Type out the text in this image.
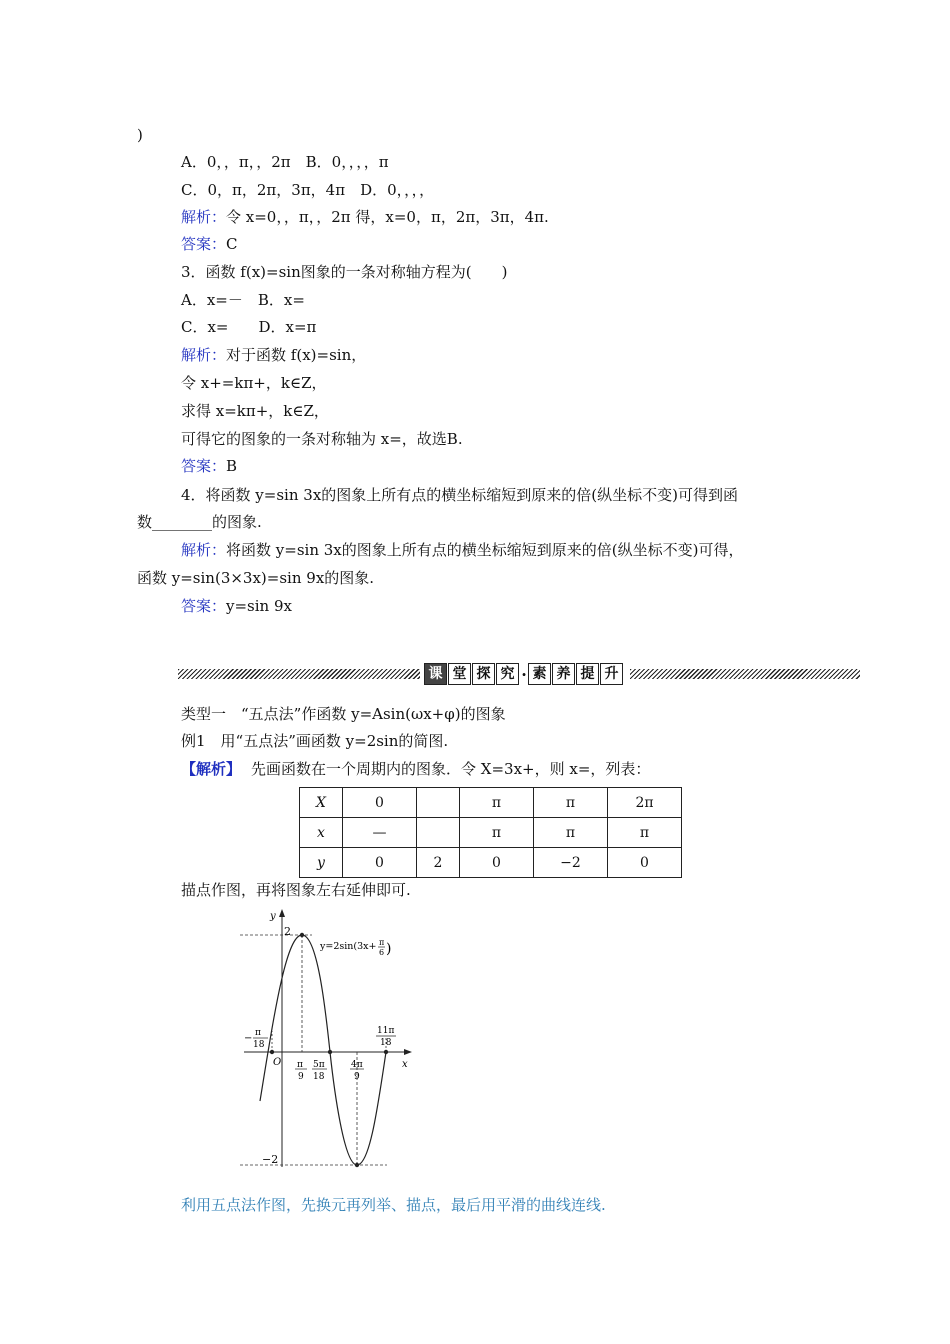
)
A．0，，π，，2π　B．0，，，，π
C．0，π，2π，3π，4π　D．0，，，，
解析：令 x=0，，π，，2π 得，x=0，π，2π，3π，4π.
答案：C
3．函数 f(x)=sin图象的一条对称轴方程为(　　)
A．x=－　B．x=
C．x=　　D．x=π
解析：对于函数 f(x)=sin，
令 x+=kπ+，k∈Z，
求得 x=kπ+，k∈Z，
可得它的图象的一条对称轴为 x=，故选B.
答案：B
4．将函数 y=sin 3x的图象上所有点的横坐标缩短到原来的倍(纵坐标不变)可得到函
数________的图象.
解析：将函数 y=sin 3x的图象上所有点的横坐标缩短到原来的倍(纵坐标不变)可得，
函数 y=sin(3×3x)=sin 9x的图象.
答案：y=sin 9x
课 堂 探 究 · 素 养 提 升
类型一　“五点法”作函数 y=Asin(ωx+φ)的图象
例1　用“五点法”画函数 y=2sin的简图.
【解析】 先画函数在一个周期内的图象．令 X=3x+，则 x=，列表：
X	0		π	π	2π
x	—		π	π	π
y	0	2	0	−2	0
描点作图，再将图象左右延伸即可.
y
x
O
2
−2
y=2sin(3x+ π
6 )
− π
18
π
9
5π
18
4π
9
11π
18
利用五点法作图，先换元再列举、描点，最后用平滑的曲线连线.
